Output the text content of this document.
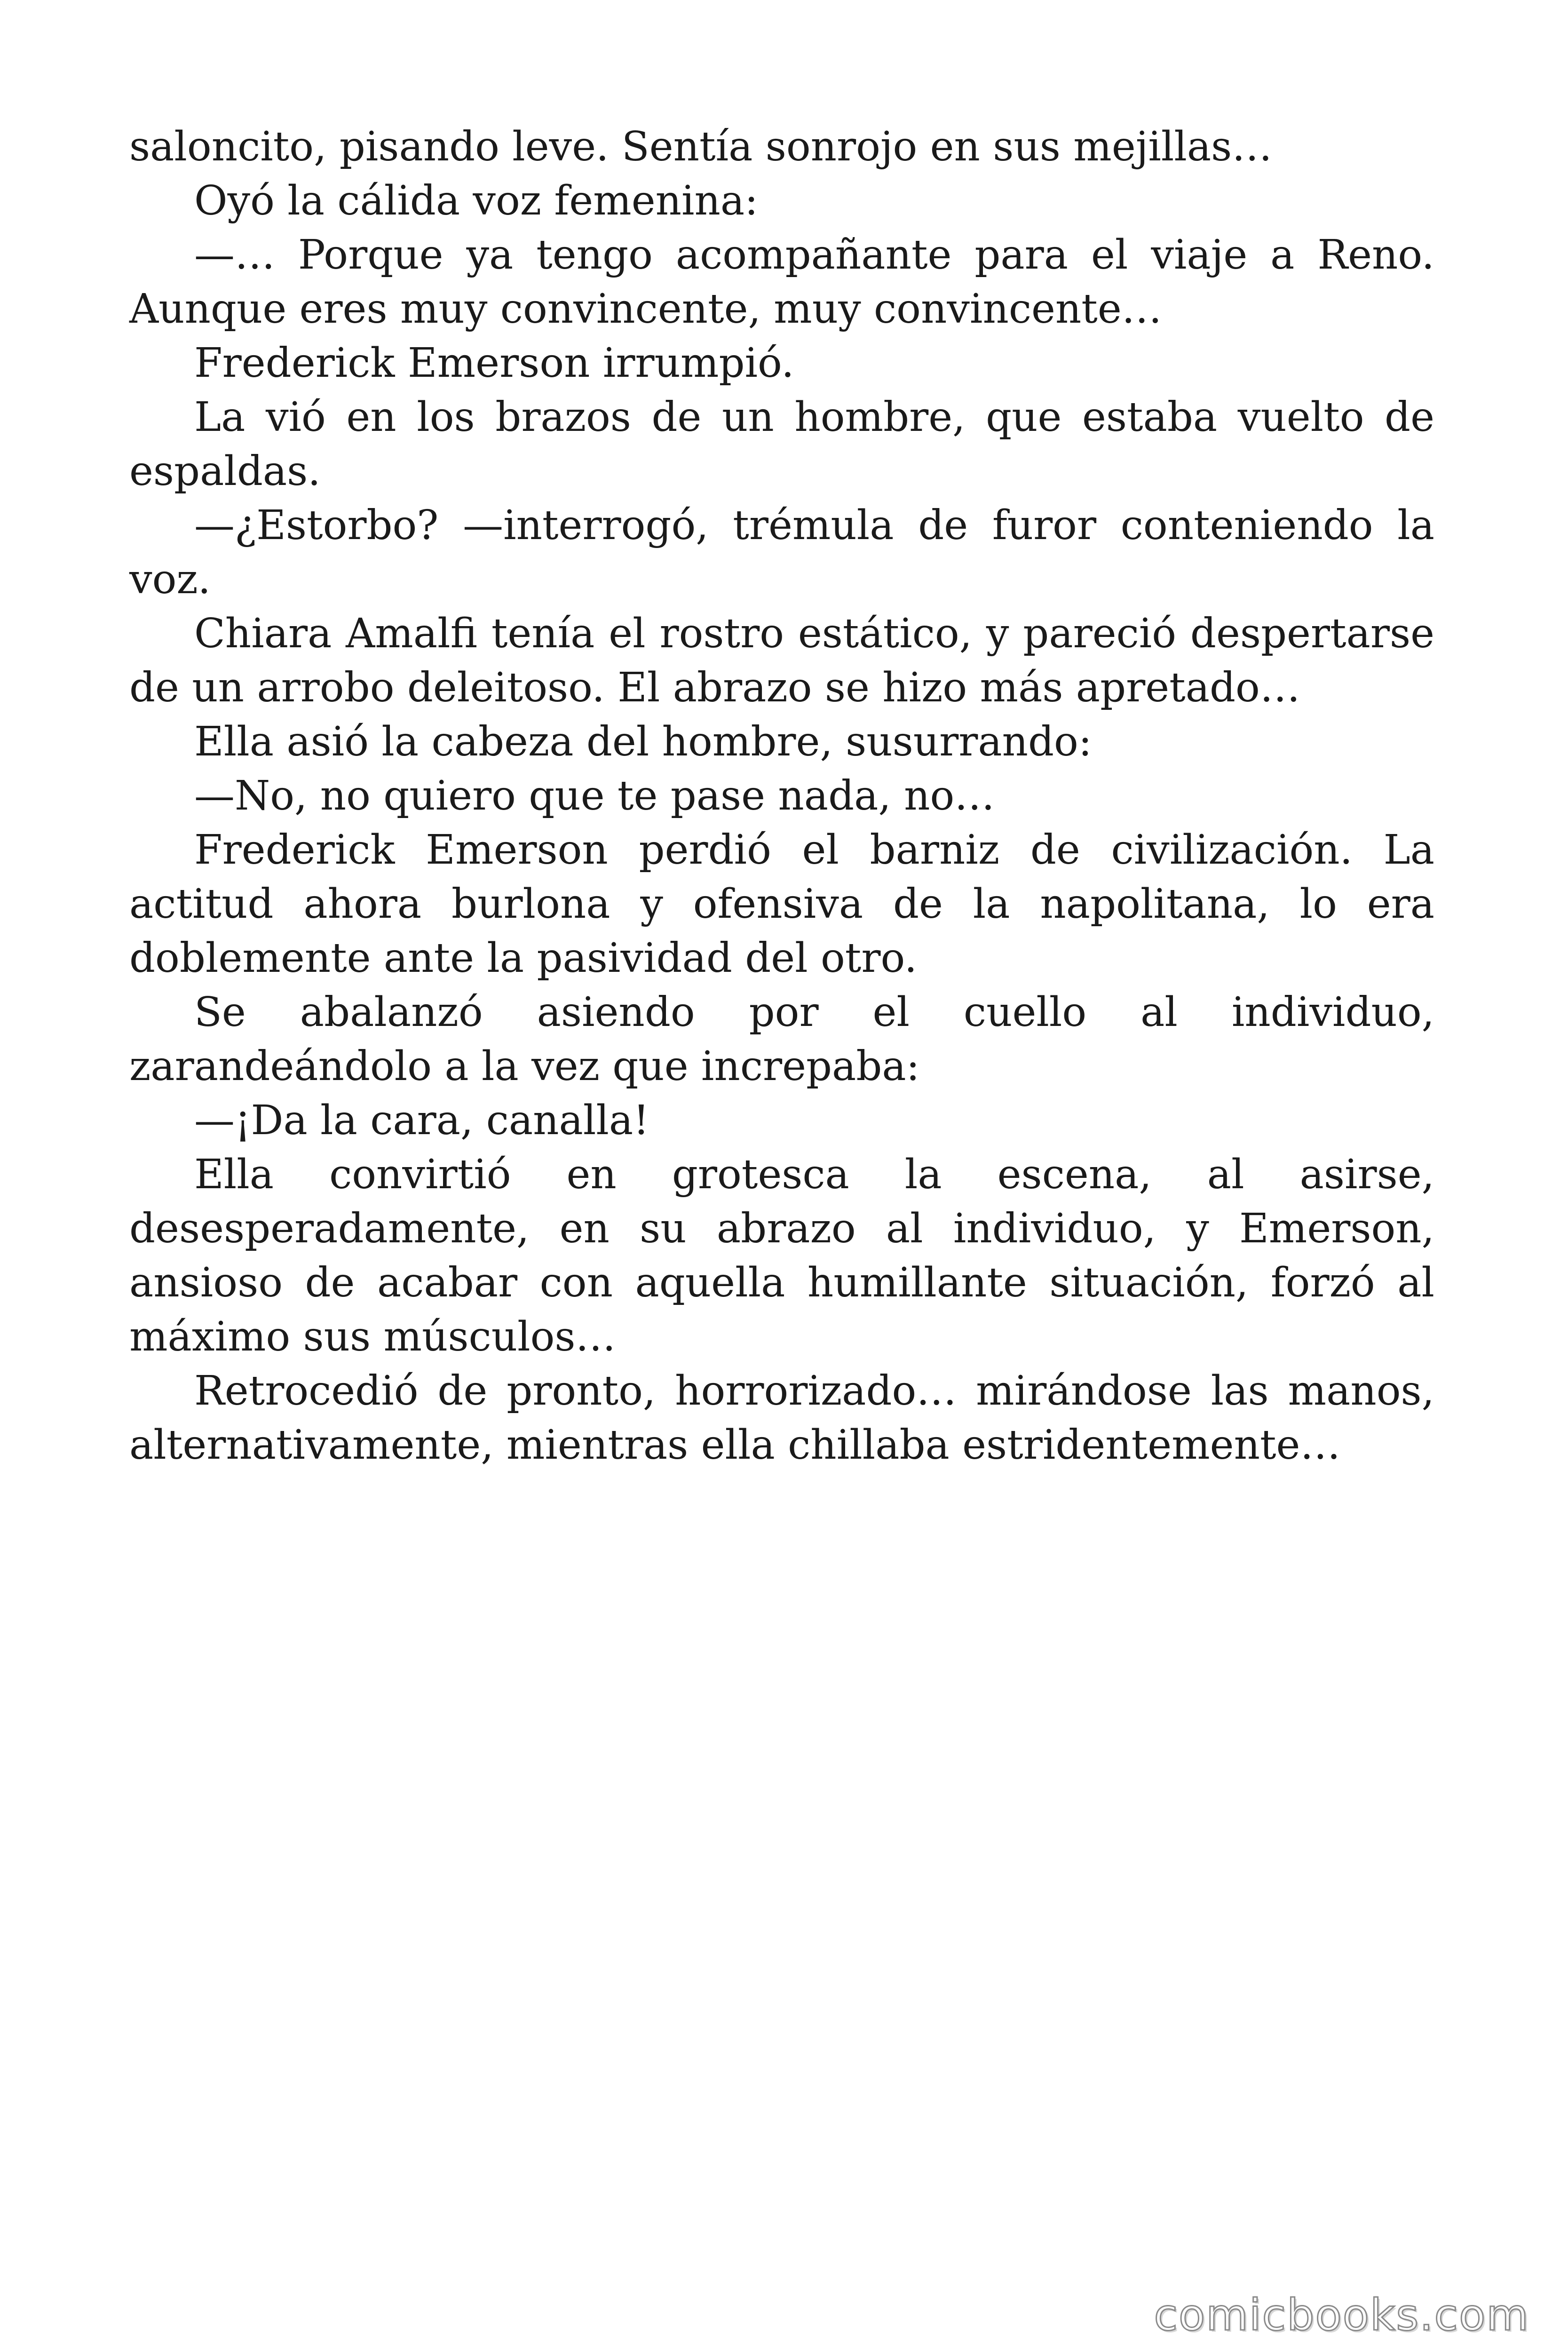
saloncito, pisando leve. Sentía sonrojo en sus mejillas…

Oyó la cálida voz femenina:

—… Porque ya tengo acompañante para el viaje a Reno. Aunque eres muy convincente, muy convincente…

Frederick Emerson irrumpió.

La vió en los brazos de un hombre, que estaba vuelto de espaldas.

—¿Estorbo? —interrogó, trémula de furor conteniendo la voz.

Chiara Amalfi tenía el rostro estático, y pareció despertarse de un arrobo deleitoso. El abrazo se hizo más apretado…

Ella asió la cabeza del hombre, susurrando:

—No, no quiero que te pase nada, no…

Frederick Emerson perdió el barniz de civilización. La actitud ahora burlona y ofensiva de la napolitana, lo era doblemente ante la pasividad del otro.

Se abalanzó asiendo por el cuello al individuo, zarandeándolo a la vez que increpaba:

—¡Da la cara, canalla!

Ella convirtió en grotesca la escena, al asirse, desesperadamente, en su abrazo al individuo, y Emerson, ansioso de acabar con aquella humillante situación, forzó al máximo sus músculos…

Retrocedió de pronto, horrorizado… mirándose las manos, alternativamente, mientras ella chillaba estridentemente…

comicbooks.com
